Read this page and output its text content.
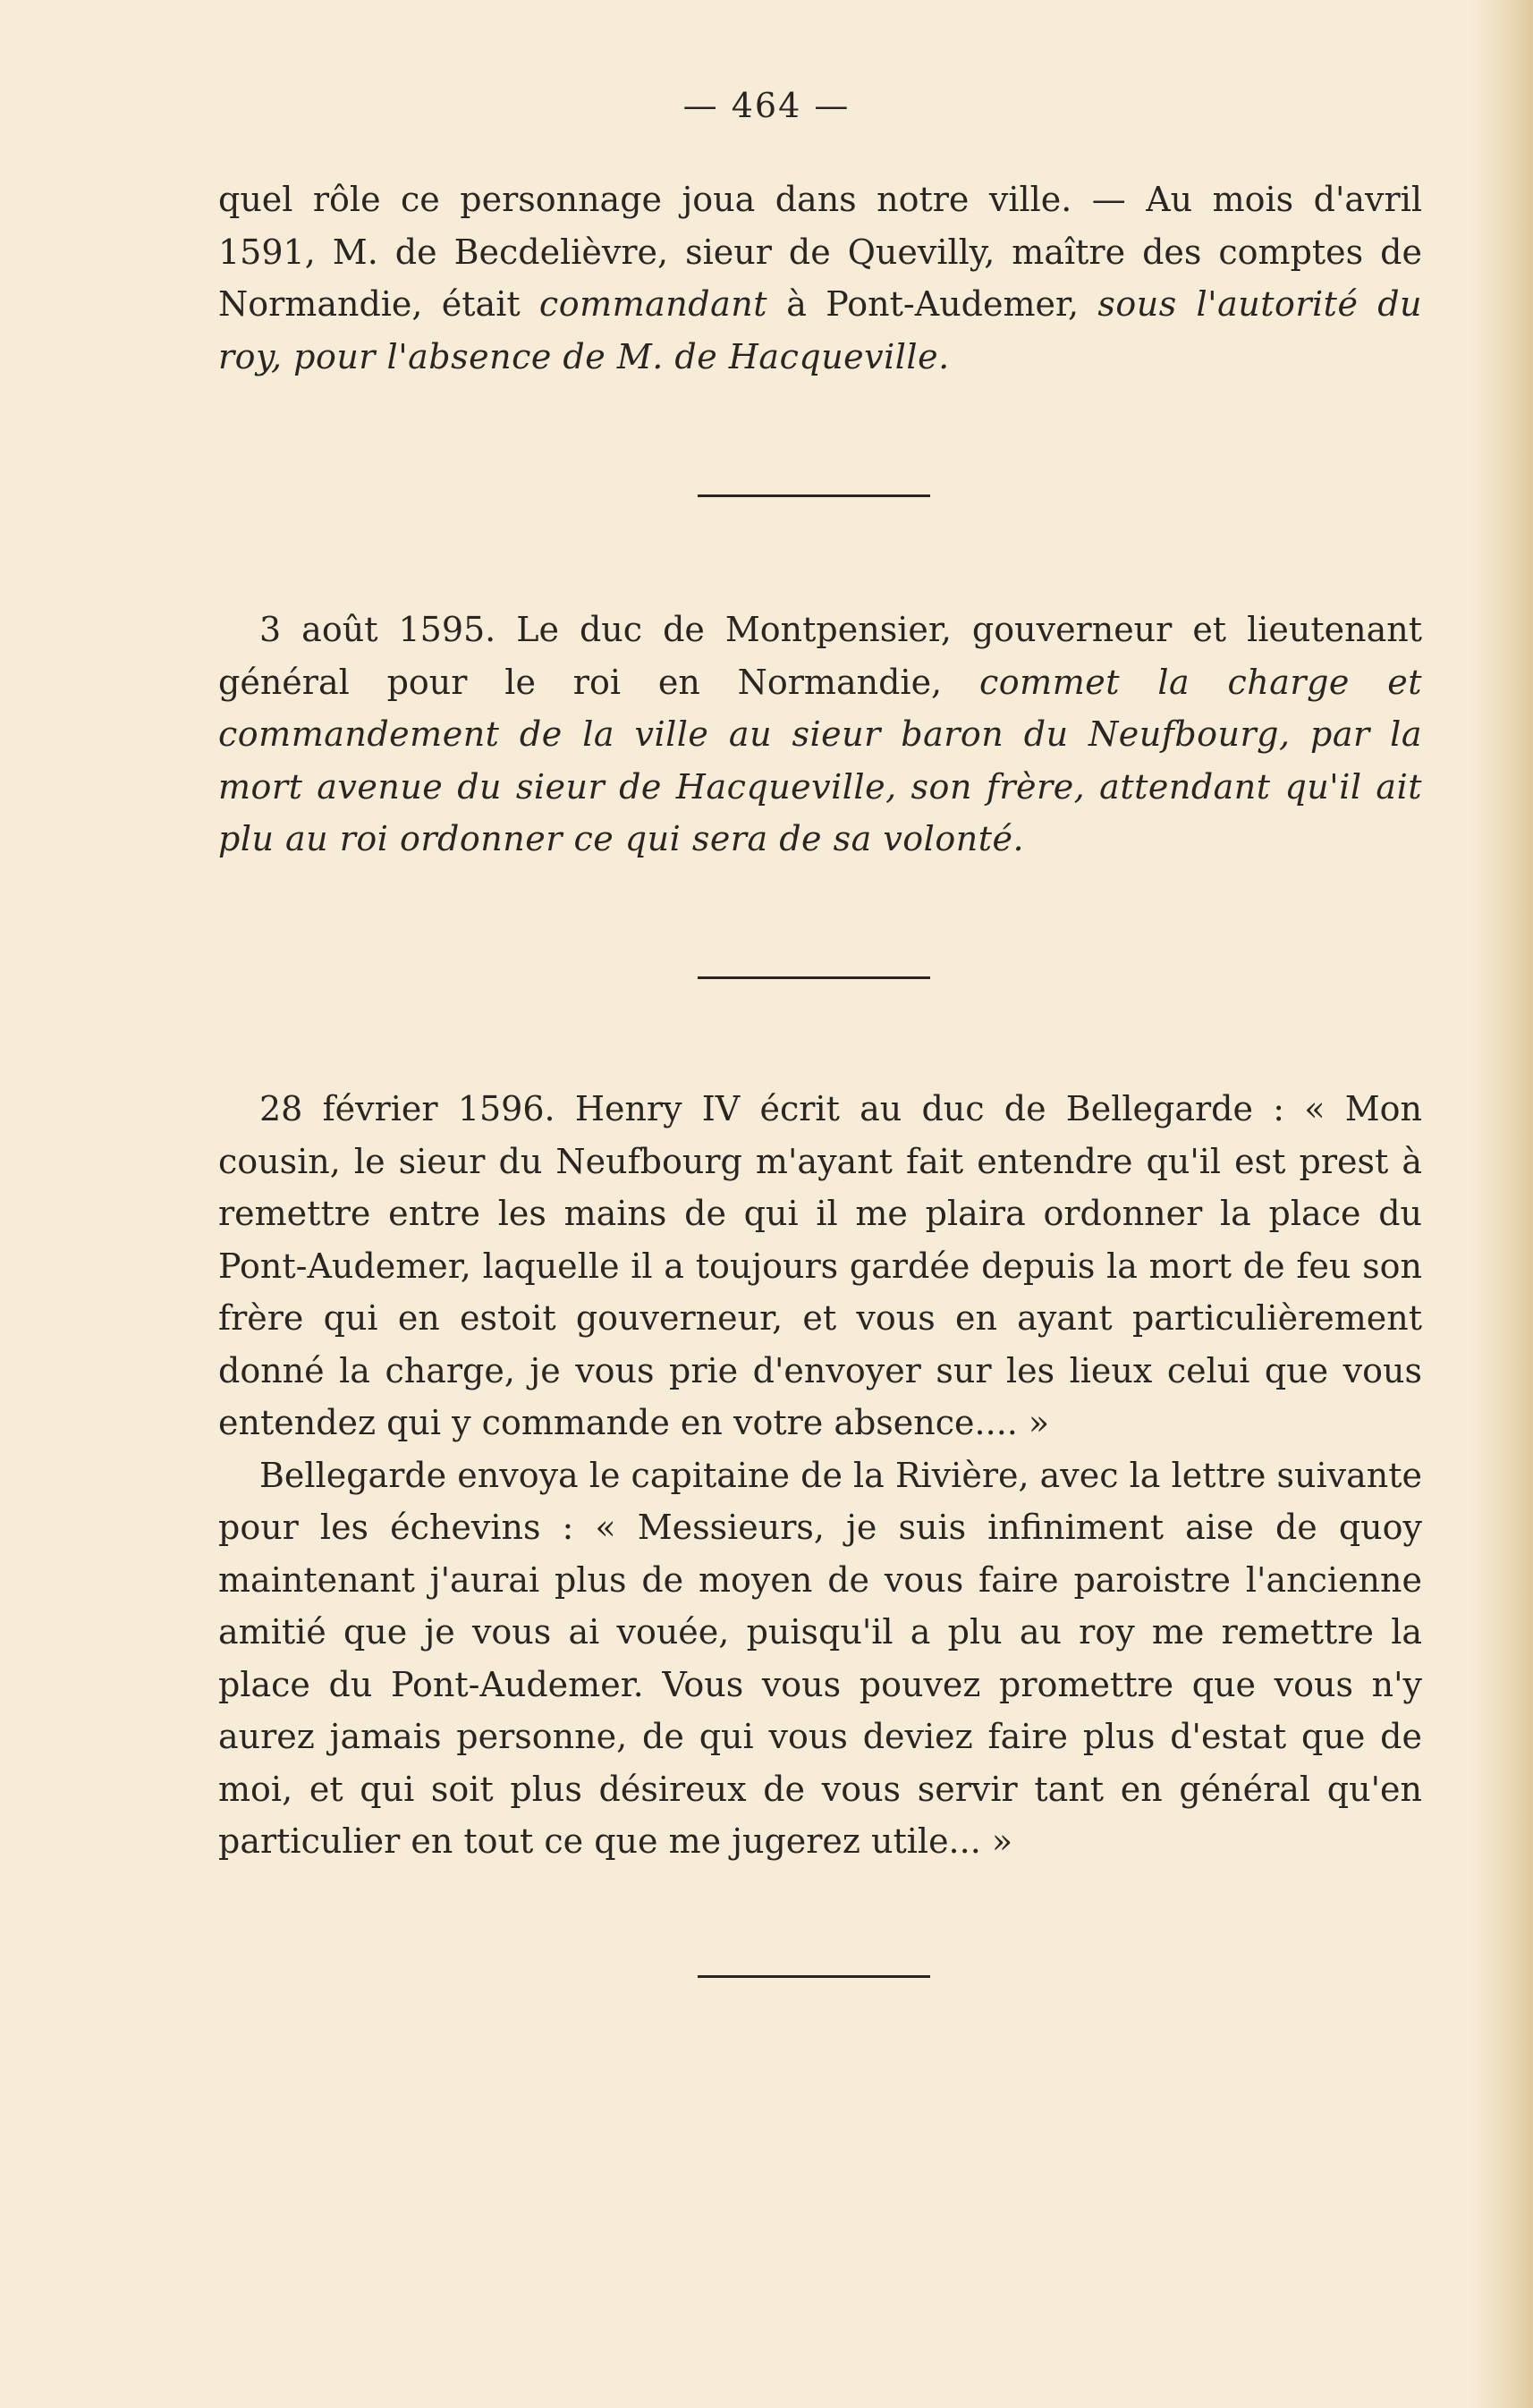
— 464 —

quel rôle ce personnage joua dans notre ville. — Au mois d'avril 1591, M. de Becdelièvre, sieur de Quevilly, maître des comptes de Normandie, était commandant à Pont-Audemer, sous l'autorité du roy, pour l'absence de M. de Hacqueville.

3 août 1595. Le duc de Montpensier, gouverneur et lieutenant général pour le roi en Normandie, commet la charge et commandement de la ville au sieur baron du Neufbourg, par la mort avenue du sieur de Hacqueville, son frère, attendant qu'il ait plu au roi ordonner ce qui sera de sa volonté.

28 février 1596. Henry IV écrit au duc de Bellegarde : « Mon cousin, le sieur du Neufbourg m'ayant fait entendre qu'il est prest à remettre entre les mains de qui il me plaira ordonner la place du Pont-Audemer, laquelle il a toujours gardée depuis la mort de feu son frère qui en estoit gouverneur, et vous en ayant particulièrement donné la charge, je vous prie d'envoyer sur les lieux celui que vous entendez qui y commande en votre absence.... »

Bellegarde envoya le capitaine de la Rivière, avec la lettre suivante pour les échevins : « Messieurs, je suis infiniment aise de quoy maintenant j'aurai plus de moyen de vous faire paroistre l'ancienne amitié que je vous ai vouée, puisqu'il a plu au roy me remettre la place du Pont-Audemer. Vous vous pouvez promettre que vous n'y aurez jamais personne, de qui vous deviez faire plus d'estat que de moi, et qui soit plus désireux de vous servir tant en général qu'en particulier en tout ce que me jugerez utile... »
